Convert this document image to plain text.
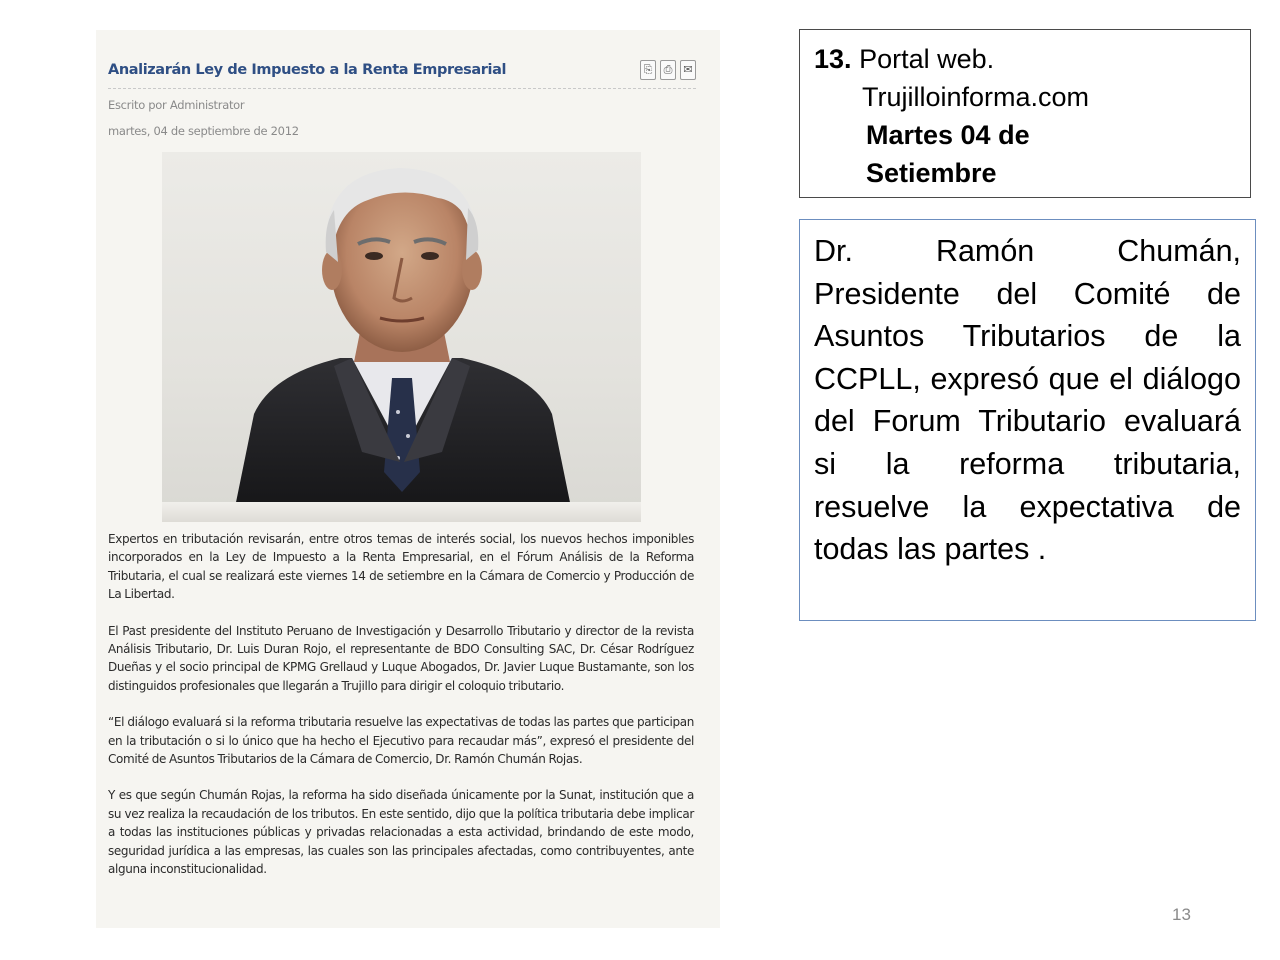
Analizarán Ley de Impuesto a la Renta Empresarial	⎘	⎙ ✉
Escrito por Administrator
martes, 04 de septiembre de 2012

Expertos en tributación revisarán, entre otros temas de interés social, los nuevos hechos imponibles incorporados en la Ley de Impuesto a la Renta Empresarial, en el Fórum Análisis de la Reforma Tributaria, el cual se realizará este viernes 14 de setiembre en la Cámara de Comercio y Producción de La Libertad.

El Past presidente del Instituto Peruano de Investigación y Desarrollo Tributario y director de la revista Análisis Tributario, Dr. Luis Duran Rojo, el representante de BDO Consulting SAC, Dr. César Rodríguez Dueñas y el socio principal de KPMG Grellaud y Luque Abogados, Dr. Javier Luque Bustamante, son los distinguidos profesionales que llegarán a Trujillo para dirigir el coloquio tributario.

“El diálogo evaluará si la reforma tributaria resuelve las expectativas de todas las partes que participan en la tributación o si lo único que ha hecho el Ejecutivo para recaudar más”, expresó el presidente del Comité de Asuntos Tributarios de la Cámara de Comercio, Dr. Ramón Chumán Rojas.

Y es que según Chumán Rojas, la reforma ha sido diseñada únicamente por la Sunat, institución que a su vez realiza la recaudación de los tributos. En este sentido, dijo que la política tributaria debe implicar a todas las instituciones públicas y privadas relacionadas a esta actividad, brindando de este modo, seguridad jurídica a las empresas, las cuales son las principales afectadas, como contribuyentes, ante alguna inconstitucionalidad.

13. Portal web.
Trujilloinforma.com
Martes 04 de
Setiembre

Dr. Ramón Chumán, Presidente del Comité de Asuntos Tributarios de la CCPLL, expresó que el diálogo del Forum Tributario evaluará si la reforma tributaria, resuelve la expectativa de todas las partes .

13
